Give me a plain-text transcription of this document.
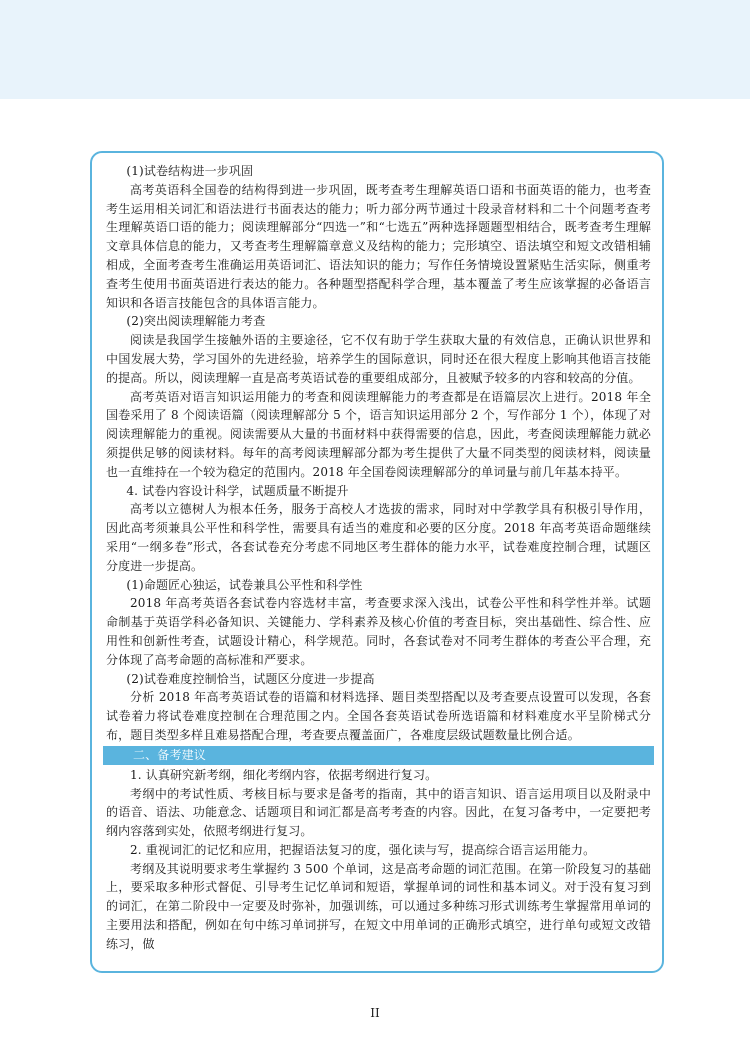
(1)试卷结构进一步巩固

高考英语科全国卷的结构得到进一步巩固，既考查考生理解英语口语和书面英语的能力，也考查考生运用相关词汇和语法进行书面表达的能力；听力部分两节通过十段录音材料和二十个问题考查考生理解英语口语的能力；阅读理解部分“四选一”和“七选五”两种选择题题型相结合，既考查考生理解文章具体信息的能力，又考查考生理解篇章意义及结构的能力；完形填空、语法填空和短文改错相辅相成，全面考查考生准确运用英语词汇、语法知识的能力；写作任务情境设置紧贴生活实际，侧重考查考生使用书面英语进行表达的能力。各种题型搭配科学合理，基本覆盖了考生应该掌握的必备语言知识和各语言技能包含的具体语言能力。

(2)突出阅读理解能力考查

阅读是我国学生接触外语的主要途径，它不仅有助于学生获取大量的有效信息，正确认识世界和中国发展大势，学习国外的先进经验，培养学生的国际意识，同时还在很大程度上影响其他语言技能的提高。所以，阅读理解一直是高考英语试卷的重要组成部分，且被赋予较多的内容和较高的分值。

高考英语对语言知识运用能力的考查和阅读理解能力的考查都是在语篇层次上进行。2018 年全国卷采用了 8 个阅读语篇（阅读理解部分 5 个，语言知识运用部分 2 个，写作部分 1 个），体现了对阅读理解能力的重视。阅读需要从大量的书面材料中获得需要的信息，因此，考查阅读理解能力就必须提供足够的阅读材料。每年的高考阅读理解部分都为考生提供了大量不同类型的阅读材料，阅读量也一直维持在一个较为稳定的范围内。2018 年全国卷阅读理解部分的单词量与前几年基本持平。

4. 试卷内容设计科学，试题质量不断提升

高考以立德树人为根本任务，服务于高校人才选拔的需求，同时对中学教学具有积极引导作用，因此高考须兼具公平性和科学性，需要具有适当的难度和必要的区分度。2018 年高考英语命题继续采用“一纲多卷”形式，各套试卷充分考虑不同地区考生群体的能力水平，试卷难度控制合理，试题区分度进一步提高。

(1)命题匠心独运，试卷兼具公平性和科学性

2018 年高考英语各套试卷内容选材丰富，考查要求深入浅出，试卷公平性和科学性并举。试题命制基于英语学科必备知识、关键能力、学科素养及核心价值的考查目标，突出基础性、综合性、应用性和创新性考查，试题设计精心，科学规范。同时，各套试卷对不同考生群体的考查公平合理，充分体现了高考命题的高标准和严要求。

(2)试卷难度控制恰当，试题区分度进一步提高

分析 2018 年高考英语试卷的语篇和材料选择、题目类型搭配以及考查要点设置可以发现，各套试卷着力将试卷难度控制在合理范围之内。全国各套英语试卷所选语篇和材料难度水平呈阶梯式分布，题目类型多样且难易搭配合理，考查要点覆盖面广，各难度层级试题数量比例合适。

二、备考建议

1. 认真研究新考纲，细化考纲内容，依据考纲进行复习。

考纲中的考试性质、考核目标与要求是备考的指南，其中的语言知识、语言运用项目以及附录中的语音、语法、功能意念、话题项目和词汇都是高考考查的内容。因此，在复习备考中，一定要把考纲内容落到实处，依照考纲进行复习。

2. 重视词汇的记忆和应用，把握语法复习的度，强化读与写，提高综合语言运用能力。

考纲及其说明要求考生掌握约 3 500 个单词，这是高考命题的词汇范围。在第一阶段复习的基础上，要采取多种形式督促、引导考生记忆单词和短语，掌握单词的词性和基本词义。对于没有复习到的词汇，在第二阶段中一定要及时弥补，加强训练，可以通过多种练习形式训练考生掌握常用单词的主要用法和搭配，例如在句中练习单词拼写，在短文中用单词的正确形式填空，进行单句或短文改错练习，做

II
